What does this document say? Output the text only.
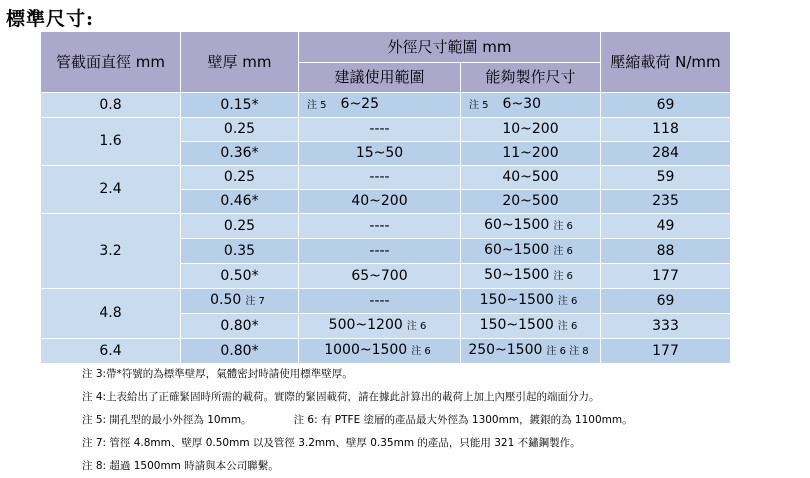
標準尺寸:
管截面直徑 mm	壁厚 mm	外徑尺寸範圍 mm		壓縮載荷 N/mm
		建議使用範圍	能夠製作尺寸	
0.8	0.15*	注 5 6~25	注 5 6~30	69
1.6	0.25	----	10~200	118
	0.36*	15~50	11~200	284
2.4	0.25	----	40~500	59
	0.46*	40~200	20~500	235
3.2	0.25	----	60~1500 注 6	49
	0.35	----	60~1500 注 6	88
	0.50*	65~700	50~1500 注 6	177
4.8	0.50 注 7	----	150~1500 注 6	69
	0.80*	500~1200 注 6	150~1500 注 6	333
6.4	0.80*	1000~1500 注 6	250~1500 注 6 注 8	177
注 3:帶*符號的為標準壁厚，氣體密封時請使用標準壁厚。
注 4:上表給出了正確緊固時所需的載荷。實際的緊固載荷，請在據此計算出的載荷上加上內壓引起的端面分力。
注 5: 開孔型的最小外徑為 10mm。	注 6: 有 PTFE 塗層的產品最大外徑為 1300mm，鍍銀的為 1100mm。
注 7: 管徑 4.8mm、壁厚 0.50mm 以及管徑 3.2mm、壁厚 0.35mm 的產品，只能用 321 不鏽鋼製作。
注 8: 超過 1500mm 時請與本公司聯繫。
